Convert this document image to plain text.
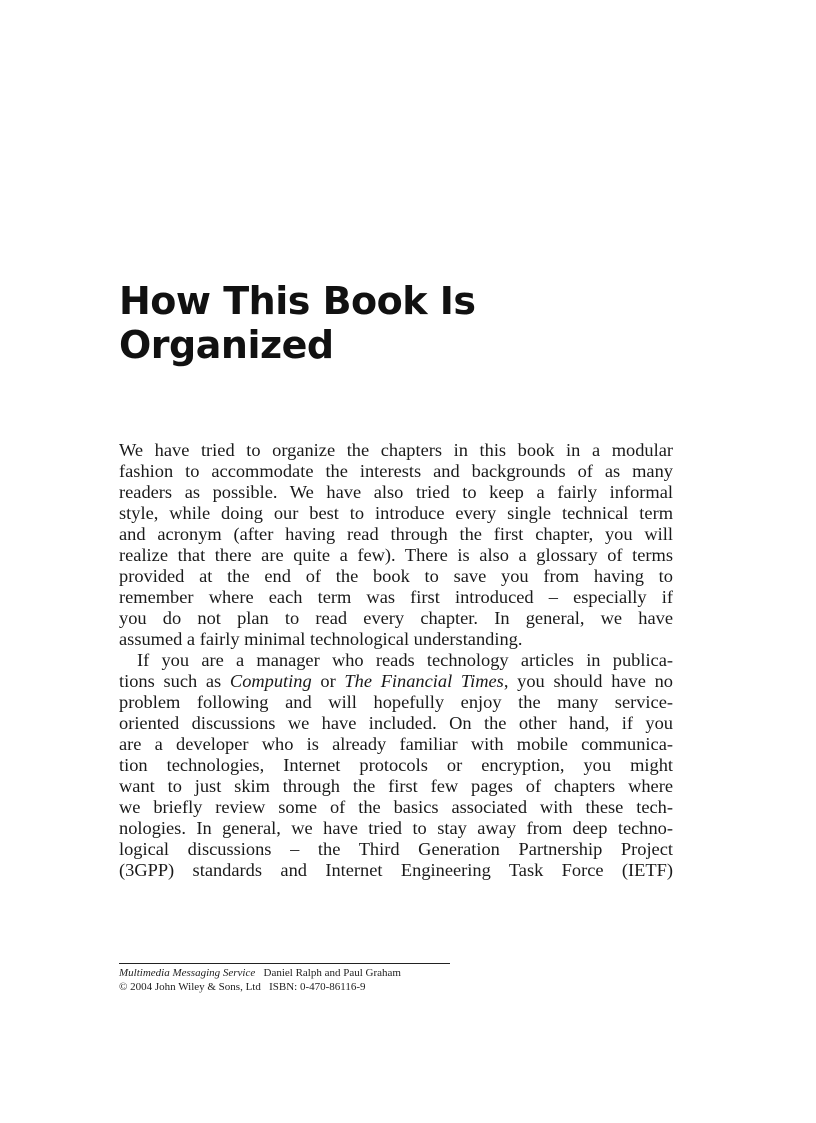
How This Book Is
Organized
We have tried to organize the chapters in this book in a modular
fashion to accommodate the interests and backgrounds of as many
readers as possible. We have also tried to keep a fairly informal
style, while doing our best to introduce every single technical term
and acronym (after having read through the first chapter, you will
realize that there are quite a few). There is also a glossary of terms
provided at the end of the book to save you from having to
remember where each term was first introduced – especially if
you do not plan to read every chapter. In general, we have
assumed a fairly minimal technological understanding.
If you are a manager who reads technology articles in publica-
tions such as Computing or The Financial Times, you should have no
problem following and will hopefully enjoy the many service-
oriented discussions we have included. On the other hand, if you
are a developer who is already familiar with mobile communica-
tion technologies, Internet protocols or encryption, you might
want to just skim through the first few pages of chapters where
we briefly review some of the basics associated with these tech-
nologies. In general, we have tried to stay away from deep techno-
logical discussions – the Third Generation Partnership Project
(3GPP) standards and Internet Engineering Task Force (IETF)
Multimedia Messaging Service Daniel Ralph and Paul Graham
© 2004 John Wiley & Sons, Ltd ISBN: 0-470-86116-9
